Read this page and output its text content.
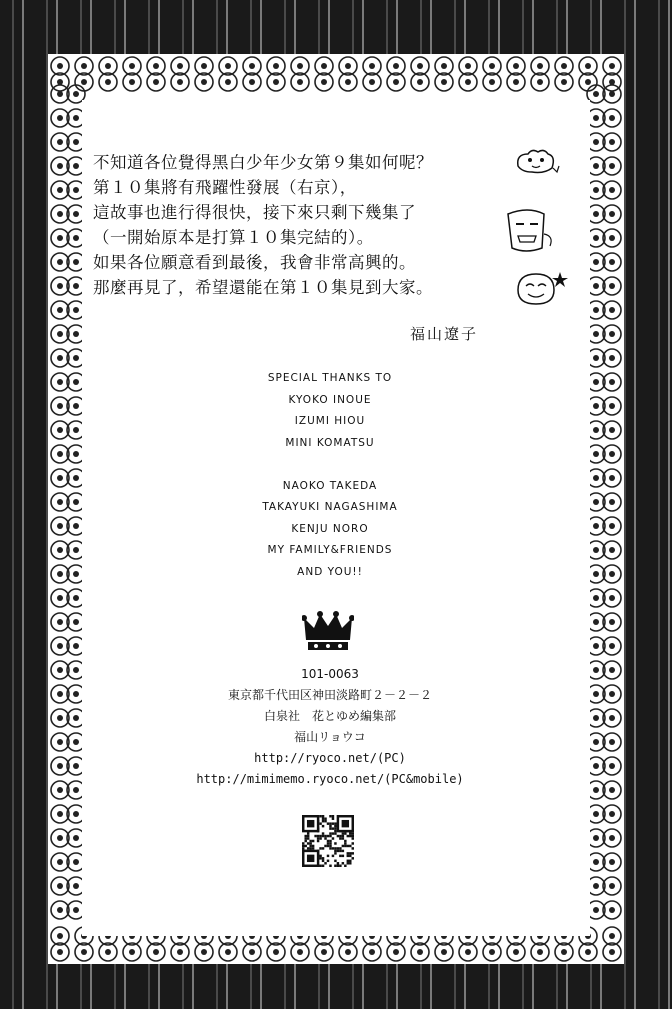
不知道各位覺得黑白少年少女第９集如何呢？
第１０集將有飛躍性發展（右京），
這故事也進行得很快，接下來只剩下幾集了
（一開始原本是打算１０集完結的）。
如果各位願意看到最後，我會非常高興的。
那麼再見了，希望還能在第１０集見到大家。
福山遼子
SPECIAL THANKS TO
KYOKO INOUE
IZUMI HIOU
MINI KOMATSU
NAOKO TAKEDA
TAKAYUKI NAGASHIMA
KENJU NORO
MY FAMILY&FRIENDS
AND YOU!!
101-0063
東京都千代田区神田淡路町２－２－２
白泉社　花とゆめ編集部
福山リョウコ
http://ryoco.net/(PC)
http://mimimemo.ryoco.net/(PC&mobile)
